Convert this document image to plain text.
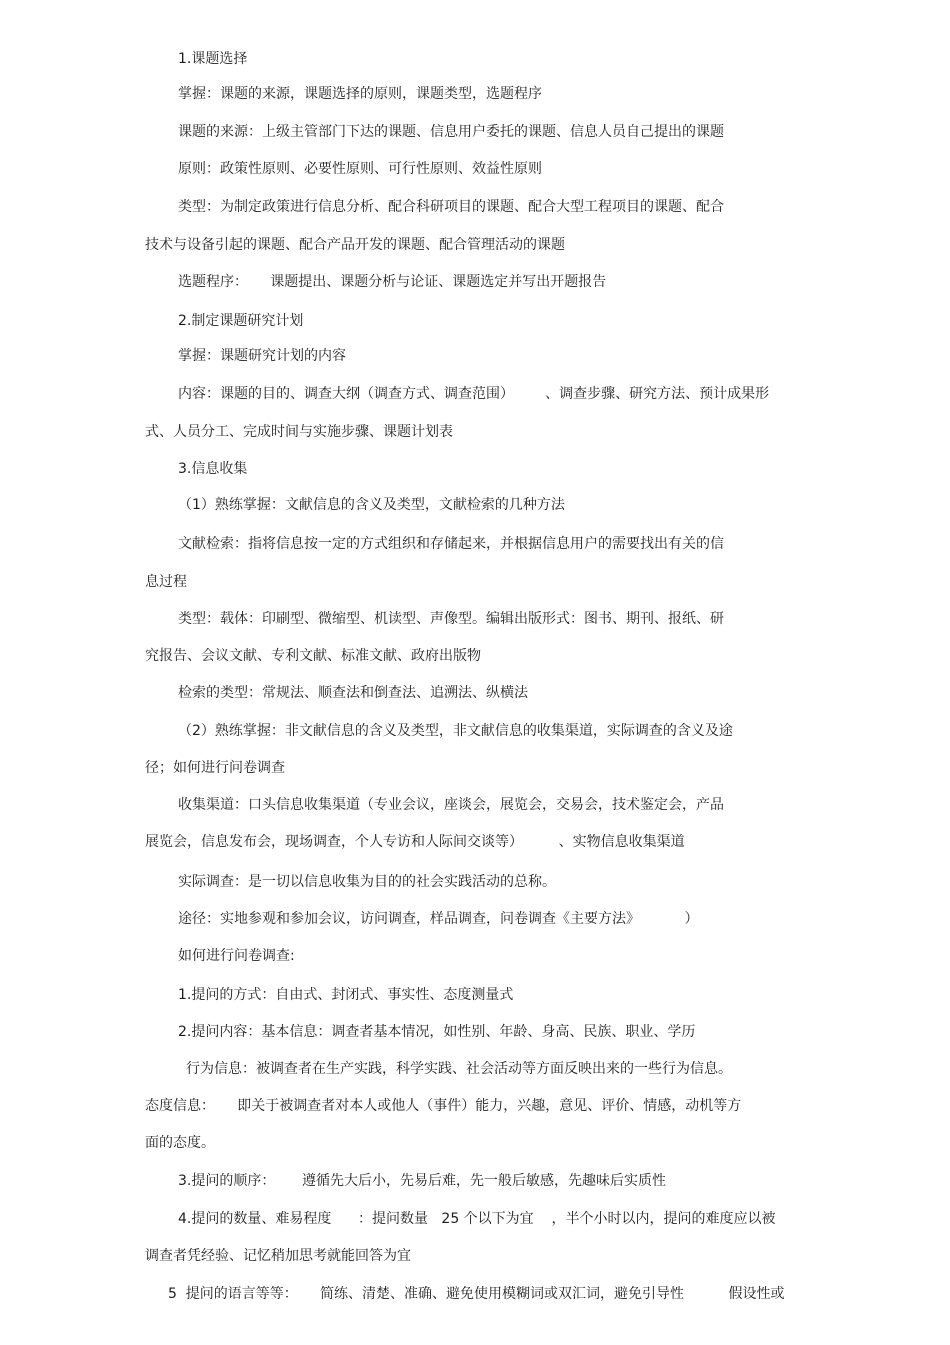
1.课题选择
掌握：课题的来源，课题选择的原则，课题类型，选题程序
课题的来源：上级主管部门下达的课题、信息用户委托的课题、信息人员自己提出的课题
原则：政策性原则、必要性原则、可行性原则、效益性原则
类型：为制定政策进行信息分析、配合科研项目的课题、配合大型工程项目的课题、配合
技术与设备引起的课题、配合产品开发的课题、配合管理活动的课题
选题程序：     课题提出、课题分析与论证、课题选定并写出开题报告
2.制定课题研究计划
掌握：课题研究计划的内容
内容：课题的目的、调查大纲（调查方式、调查范围）       、调查步骤、研究方法、预计成果形
式、人员分工、完成时间与实施步骤、课题计划表
3.信息收集
（1）熟练掌握：文献信息的含义及类型，文献检索的几种方法
文献检索：指将信息按一定的方式组织和存储起来，并根据信息用户的需要找出有关的信
息过程
类型：载体：印刷型、微缩型、机读型、声像型。编辑出版形式：图书、期刊、报纸、研
究报告、会议文献、专利文献、标准文献、政府出版物
检索的类型：常规法、顺查法和倒查法、追溯法、纵横法
（2）熟练掌握：非文献信息的含义及类型，非文献信息的收集渠道，实际调查的含义及途
径；如何进行问卷调查
收集渠道：口头信息收集渠道（专业会议，座谈会，展览会，交易会，技术鉴定会，产品
展览会，信息发布会，现场调查，个人专访和人际间交谈等）        、实物信息收集渠道
实际调查：是一切以信息收集为目的的社会实践活动的总称。
途径：实地参观和参加会议，访问调查，样品调查，问卷调查《主要方法》          ）
如何进行问卷调查:
1.提问的方式：自由式、封闭式、事实性、态度测量式
2.提问内容：基本信息：调查者基本情况，如性别、年龄、身高、民族、职业、学历
行为信息：被调查者在生产实践，科学实践、社会活动等方面反映出来的一些行为信息。
态度信息：     即关于被调查者对本人或他人（事件）能力，兴趣，意见、评价、情感，动机等方
面的态度。
3.提问的顺序：      遵循先大后小，先易后难，先一般后敏感，先趣味后实质性
4.提问的数量、难易程度      ：提问数量   25 个以下为宜    ，半个小时以内，提问的难度应以被
调查者凭经验、记忆稍加思考就能回答为宜
5  提问的语言等等：     简练、清楚、准确、避免使用模糊词或双汇词，避免引导性          假设性或
